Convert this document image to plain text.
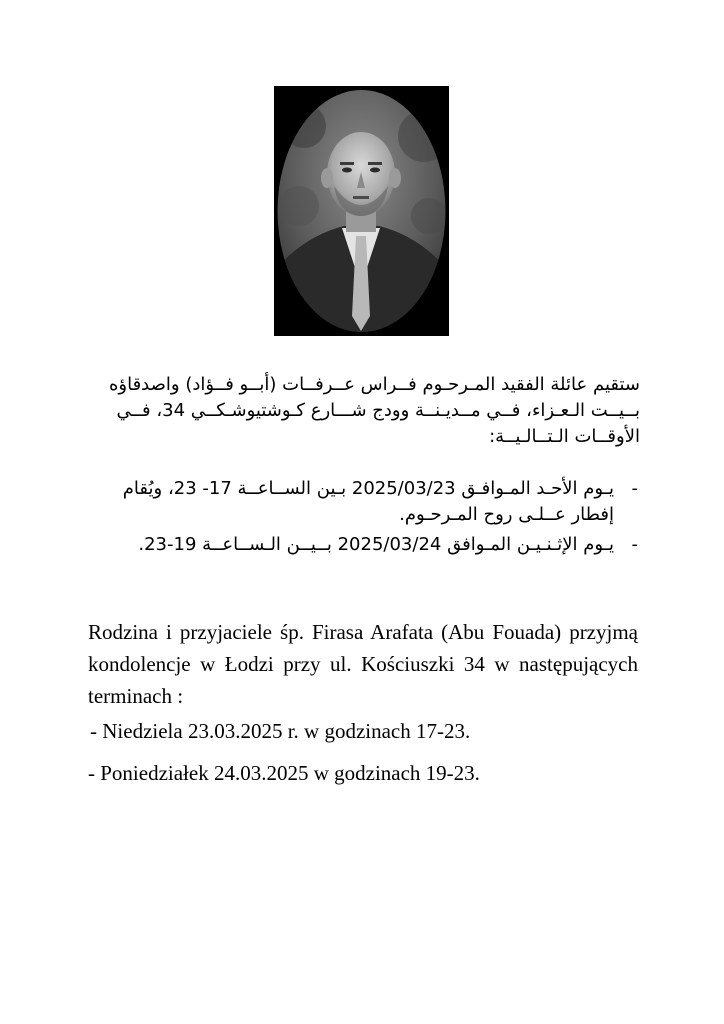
ستقيم عائلة الفقيد المـرحـوم فــراس عــرفــات (أبــو فــؤاد) واصدقاؤه بــيــت الـعـزاء، فــي مــديـنــة وودج شـــارع كـوشتيوشـكــي 34، فــي الأوقــات الـتــالـيــة:

-
يـوم الأحـد المـوافـق 2025/03/23 بـين الســاعــة 17- 23، ويُقام إفطار عــلـى روح المـرحـوم.
-
يـوم الإثـنـيـن المـوافق 2025/03/24 بــيــن الـســاعــة 19-23.

Rodzina i przyjaciele śp. Firasa Arafata (Abu Fouada) przyjmą kondolencje w Łodzi przy ul. Kościuszki 34 w następujących terminach :

- Niedziela 23.03.2025 r. w godzinach 17-23.

- Poniedziałek 24.03.2025 w godzinach 19-23.
